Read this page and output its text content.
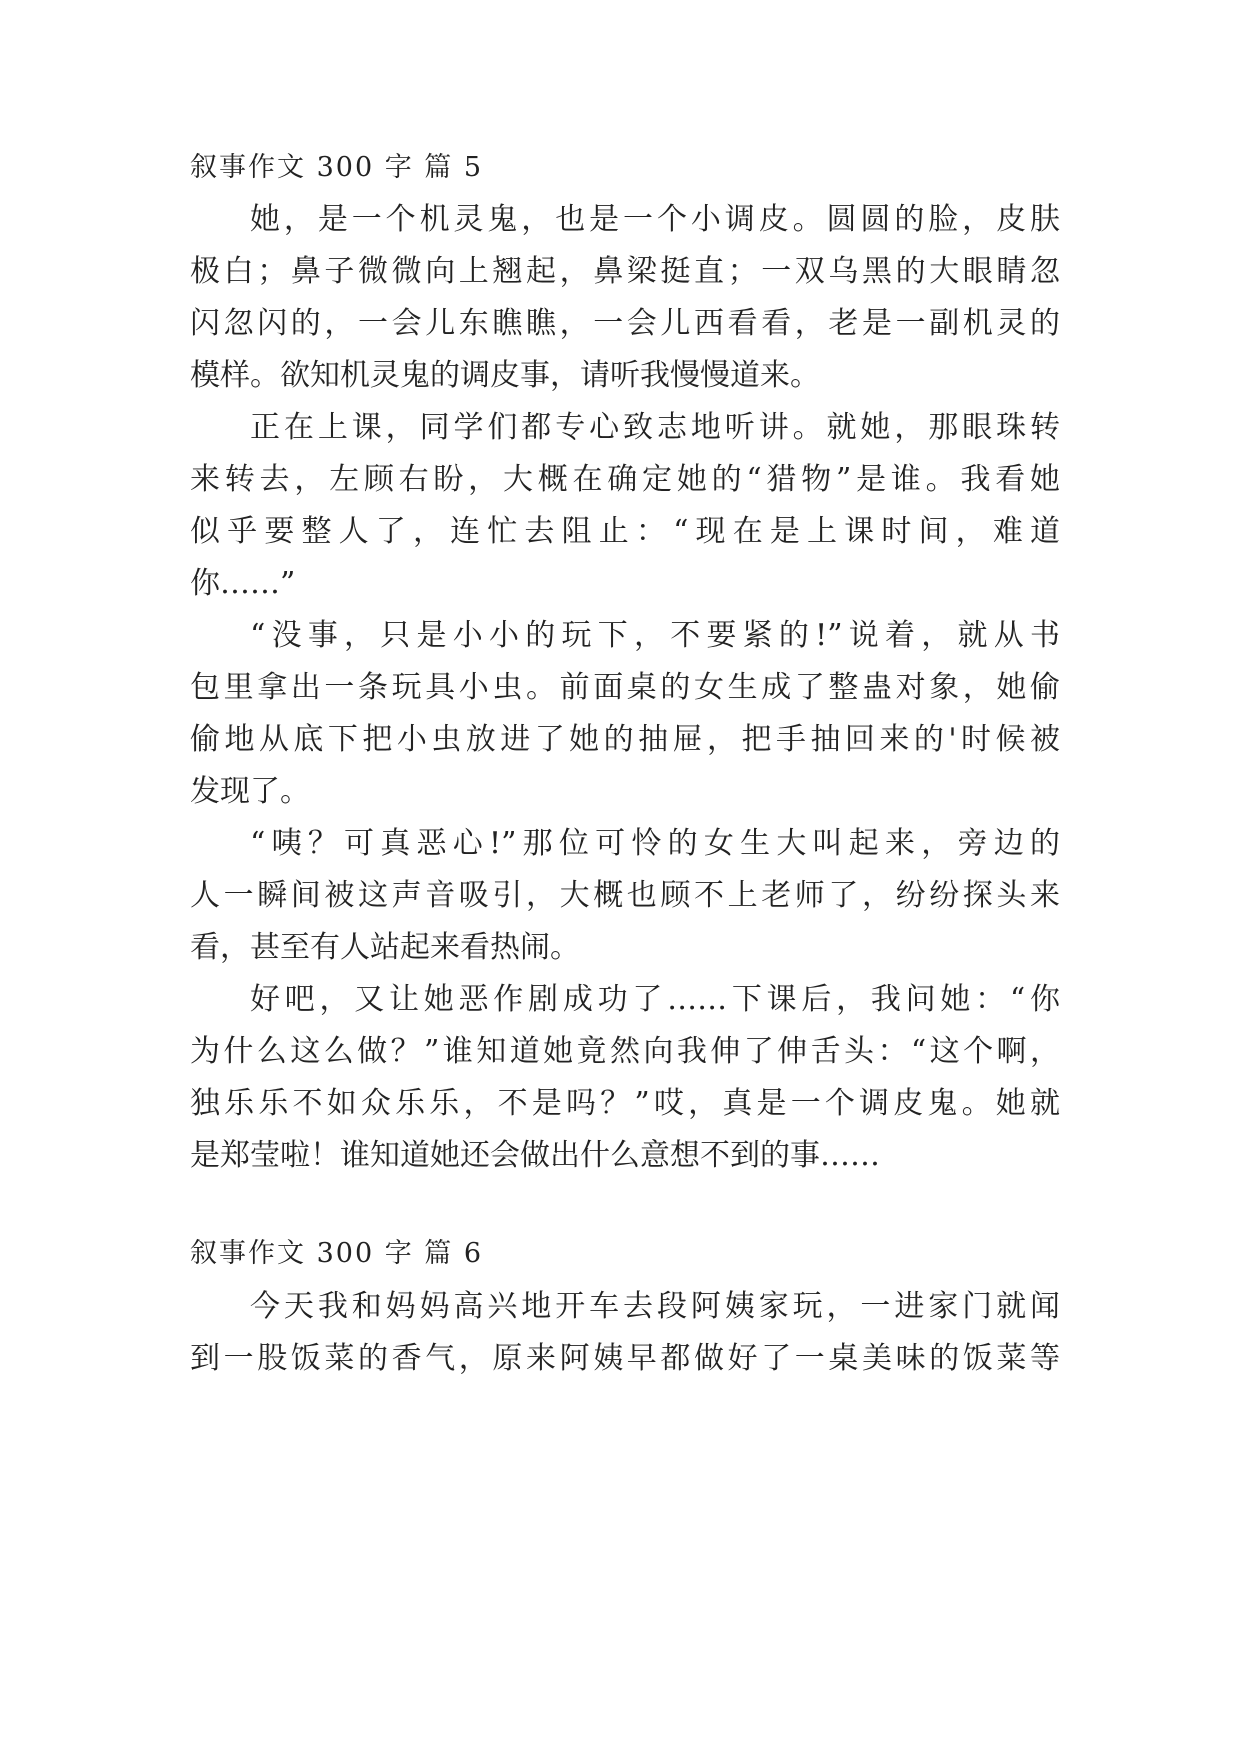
叙事作文 300 字 篇 5
她，是一个机灵鬼，也是一个小调皮。圆圆的脸，皮肤
极白；鼻子微微向上翘起，鼻梁挺直；一双乌黑的大眼睛忽
闪忽闪的，一会儿东瞧瞧，一会儿西看看，老是一副机灵的
模样。欲知机灵鬼的调皮事，请听我慢慢道来。
正在上课，同学们都专心致志地听讲。就她，那眼珠转
来转去，左顾右盼，大概在确定她的“猎物”是谁。我看她
似乎要整人了，连忙去阻止：“现在是上课时间，难道
你……”
“没事，只是小小的玩下，不要紧的!”说着，就从书
包里拿出一条玩具小虫。前面桌的女生成了整蛊对象，她偷
偷地从底下把小虫放进了她的抽屉，把手抽回来的'时候被
发现了。
“咦？可真恶心!”那位可怜的女生大叫起来，旁边的
人一瞬间被这声音吸引，大概也顾不上老师了，纷纷探头来
看，甚至有人站起来看热闹。
好吧，又让她恶作剧成功了……下课后，我问她：“你
为什么这么做？”谁知道她竟然向我伸了伸舌头：“这个啊，
独乐乐不如众乐乐，不是吗？”哎，真是一个调皮鬼。她就
是郑莹啦！谁知道她还会做出什么意想不到的事……
叙事作文 300 字 篇 6
今天我和妈妈高兴地开车去段阿姨家玩，一进家门就闻
到一股饭菜的香气，原来阿姨早都做好了一桌美味的饭菜等
